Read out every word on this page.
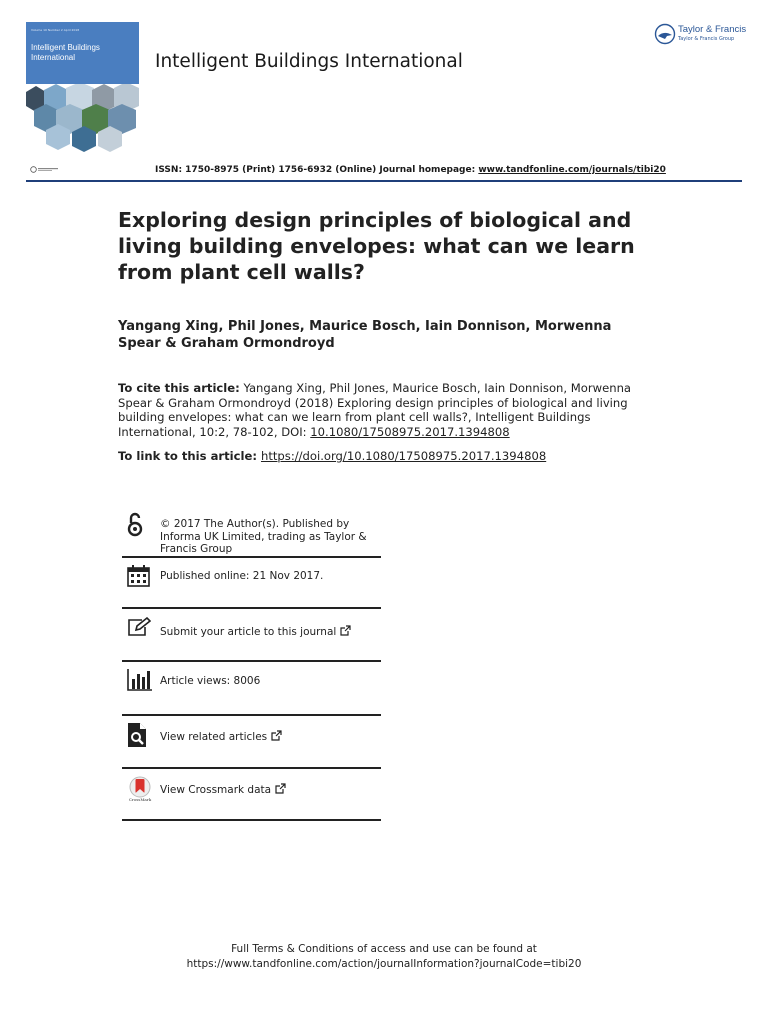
Volume 10 Number 2 April 2018
Intelligent Buildings International	Intelligent Buildings International
Taylor & Francis
Taylor & Francis Group
ISSN: 1750-8975 (Print) 1756-6932 (Online) Journal homepage: www.tandfonline.com/journals/tibi20
Exploring design principles of biological and living building envelopes: what can we learn from plant cell walls?
Yangang Xing, Phil Jones, Maurice Bosch, Iain Donnison, Morwenna Spear & Graham Ormondroyd
To cite this article: Yangang Xing, Phil Jones, Maurice Bosch, Iain Donnison, Morwenna Spear & Graham Ormondroyd (2018) Exploring design principles of biological and living building envelopes: what can we learn from plant cell walls?, Intelligent Buildings International, 10:2, 78-102, DOI: 10.1080/17508975.2017.1394808
To link to this article: https://doi.org/10.1080/17508975.2017.1394808
© 2017 The Author(s). Published by Informa UK Limited, trading as Taylor & Francis Group
Published online: 21 Nov 2017.
Submit your article to this journal
Article views: 8006
View related articles
CrossMark
View Crossmark data
Full Terms & Conditions of access and use can be found at
https://www.tandfonline.com/action/journalInformation?journalCode=tibi20
